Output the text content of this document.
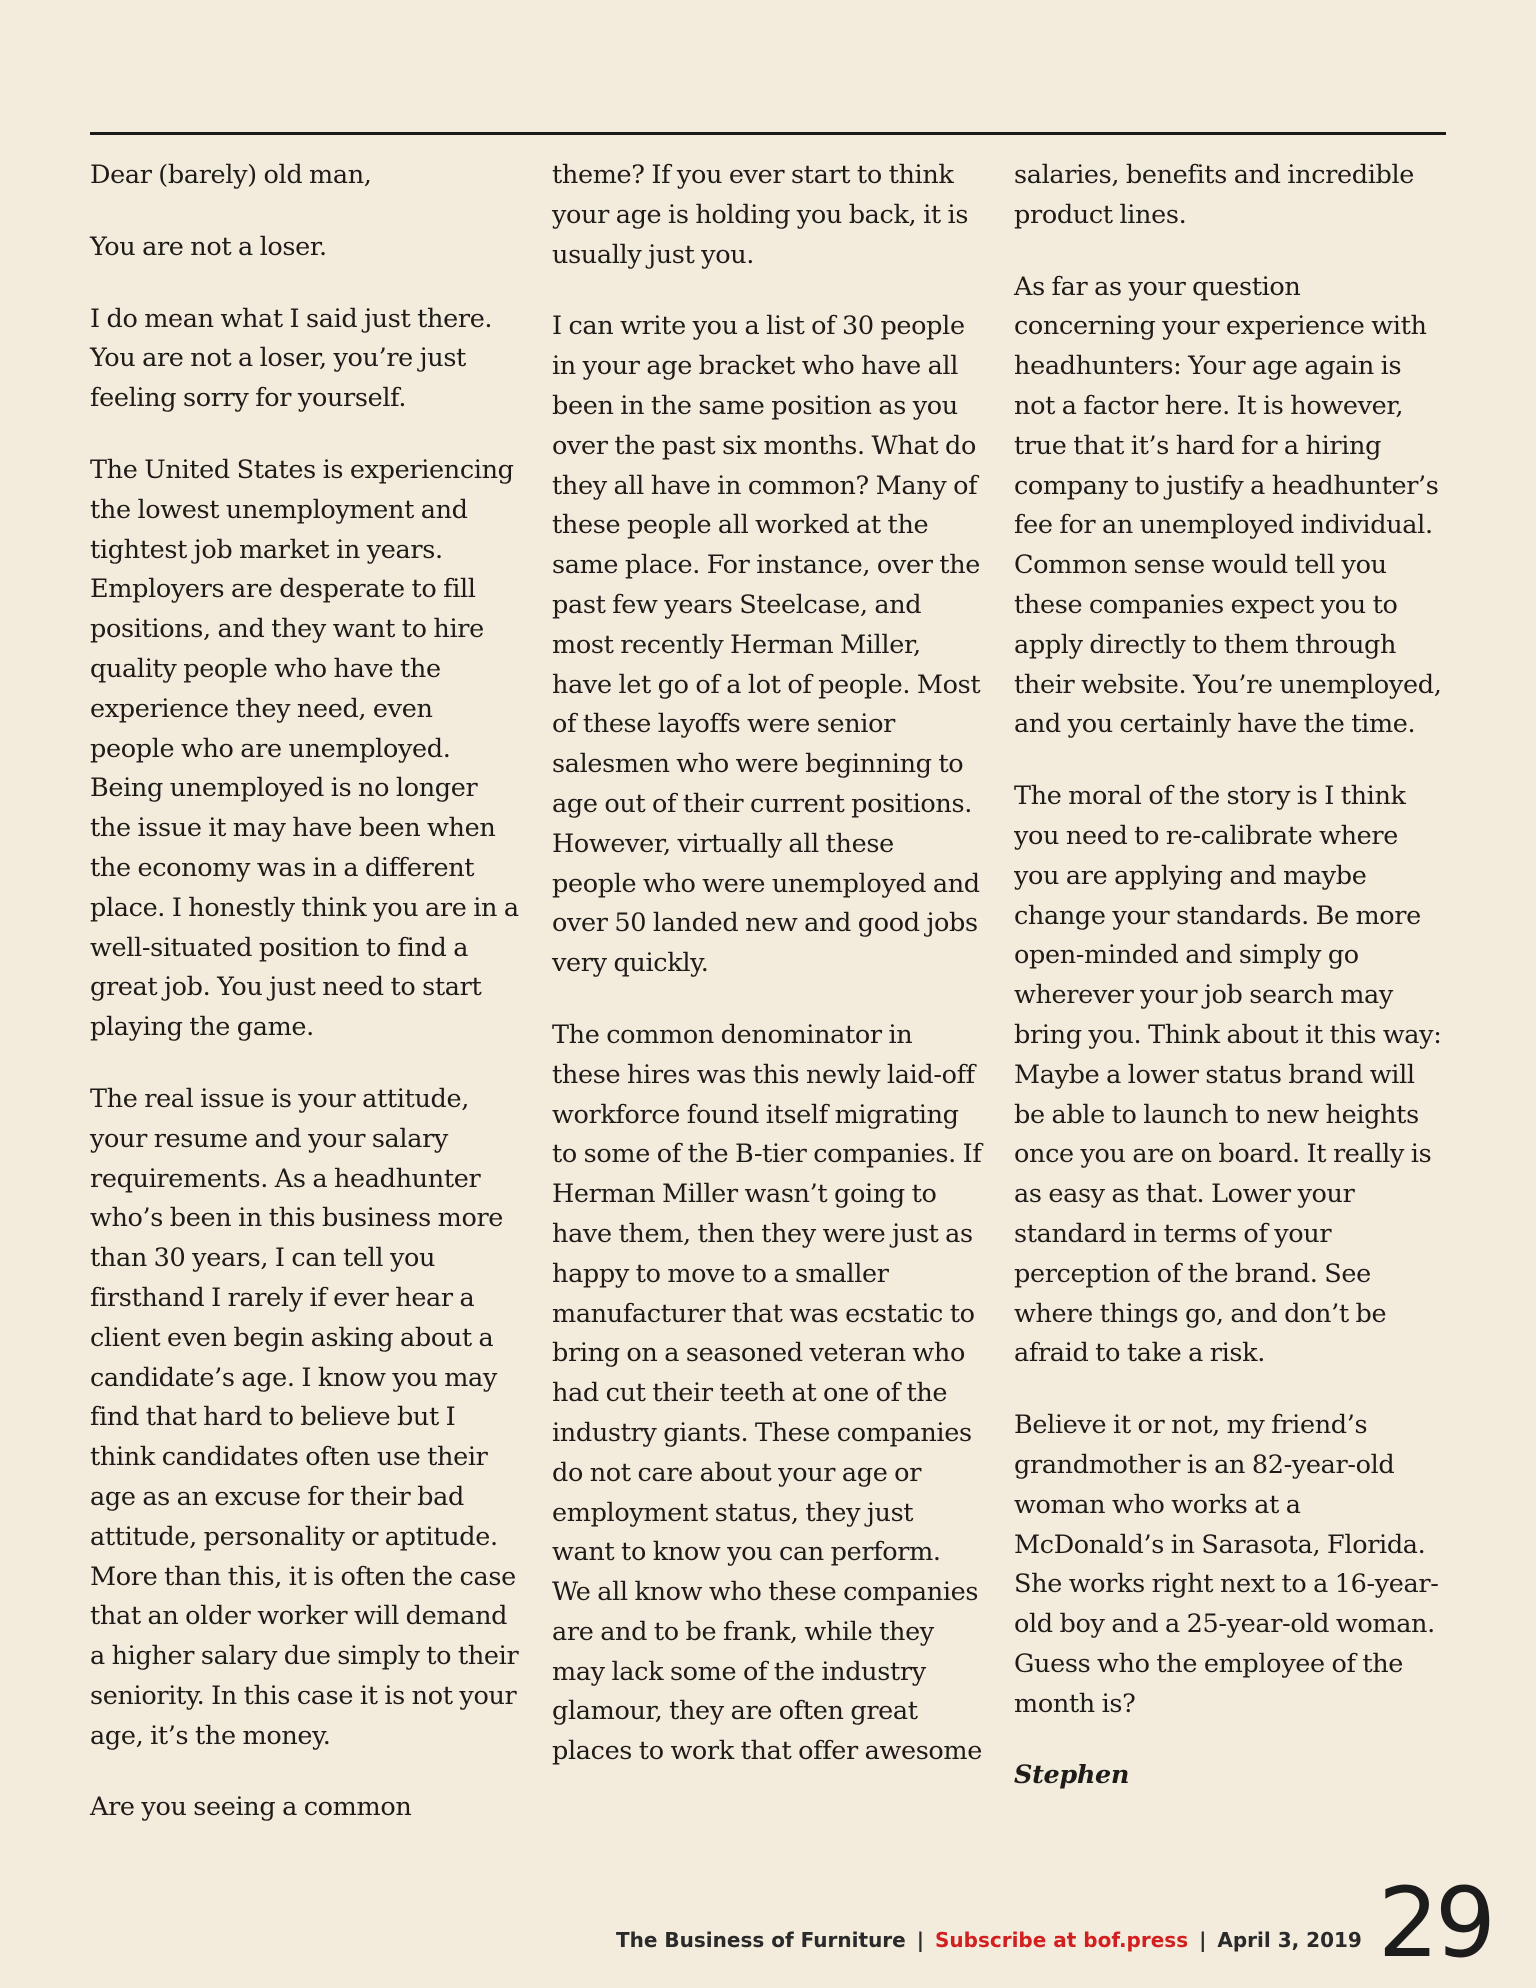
Dear (barely) old man,

You are not a loser.

I do mean what I said just there. You are not a loser, you’re just feeling sorry for yourself.

The United States is experiencing the lowest unemployment and tightest job market in years. Employers are desperate to fill positions, and they want to hire quality people who have the experience they need, even people who are unemployed. Being unemployed is no longer the issue it may have been when the economy was in a different place. I honestly think you are in a well-situated position to find a great job. You just need to start playing the game.

The real issue is your attitude, your resume and your salary requirements. As a headhunter who’s been in this business more than 30 years, I can tell you firsthand I rarely if ever hear a client even begin asking about a candidate’s age. I know you may find that hard to believe but I think candidates often use their age as an excuse for their bad attitude, personality or aptitude. More than this, it is often the case that an older worker will demand a higher salary due simply to their seniority. In this case it is not your age, it’s the money.

Are you seeing a common

theme? If you ever start to think your age is holding you back, it is usually just you.

I can write you a list of 30 people in your age bracket who have all been in the same position as you over the past six months. What do they all have in common? Many of these people all worked at the same place. For instance, over the past few years Steelcase, and most recently Herman Miller, have let go of a lot of people. Most of these layoffs were senior salesmen who were beginning to age out of their current positions. However, virtually all these people who were unemployed and over 50 landed new and good jobs very quickly.

The common denominator in these hires was this newly laid-off workforce found itself migrating to some of the B-tier companies. If Herman Miller wasn’t going to have them, then they were just as happy to move to a smaller manufacturer that was ecstatic to bring on a seasoned veteran who had cut their teeth at one of the industry giants. These companies do not care about your age or employment status, they just want to know you can perform. We all know who these companies are and to be frank, while they may lack some of the industry glamour, they are often great places to work that offer awesome

salaries, benefits and incredible product lines.

As far as your question concerning your experience with headhunters: Your age again is not a factor here. It is however, true that it’s hard for a hiring company to justify a headhunter’s fee for an unemployed individual. Common sense would tell you these companies expect you to apply directly to them through their website. You’re unemployed, and you certainly have the time.

The moral of the story is I think you need to re-calibrate where you are applying and maybe change your standards. Be more open-minded and simply go wherever your job search may bring you. Think about it this way: Maybe a lower status brand will be able to launch to new heights once you are on board. It really is as easy as that. Lower your standard in terms of your perception of the brand. See where things go, and don’t be afraid to take a risk.

Believe it or not, my friend’s grandmother is an 82-year-old woman who works at a McDonald’s in Sarasota, Florida. She works right next to a 16-year-old boy and a 25-year-old woman. Guess who the employee of the month is?

Stephen

The Business of Furniture | Subscribe at bof.press | April 3, 2019 29
